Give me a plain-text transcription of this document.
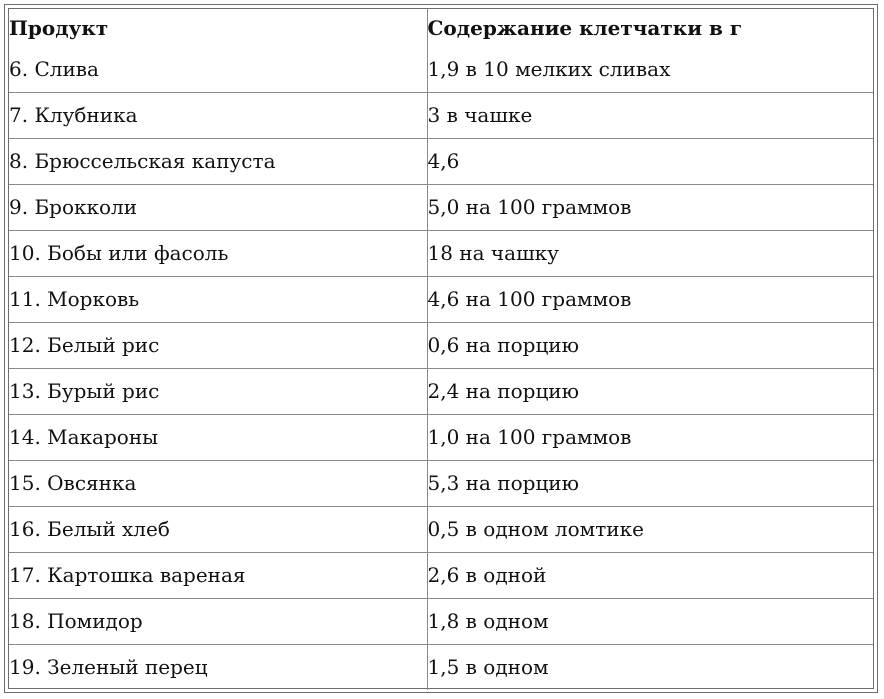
Продукт	Содержание клетчатки в г
6. Слива	1,9 в 10 мелких сливах
7. Клубника	3 в чашке
8. Брюссельская капуста	4,6
9. Брокколи	5,0 на 100 граммов
10. Бобы или фасоль	18 на чашку
11. Морковь	4,6 на 100 граммов
12. Белый рис	0,6 на порцию
13. Бурый рис	2,4 на порцию
14. Макароны	1,0 на 100 граммов
15. Овсянка	5,3 на порцию
16. Белый хлеб	0,5 в одном ломтике
17. Картошка вареная	2,6 в одной
18. Помидор	1,8 в одном
19. Зеленый перец	1,5 в одном
